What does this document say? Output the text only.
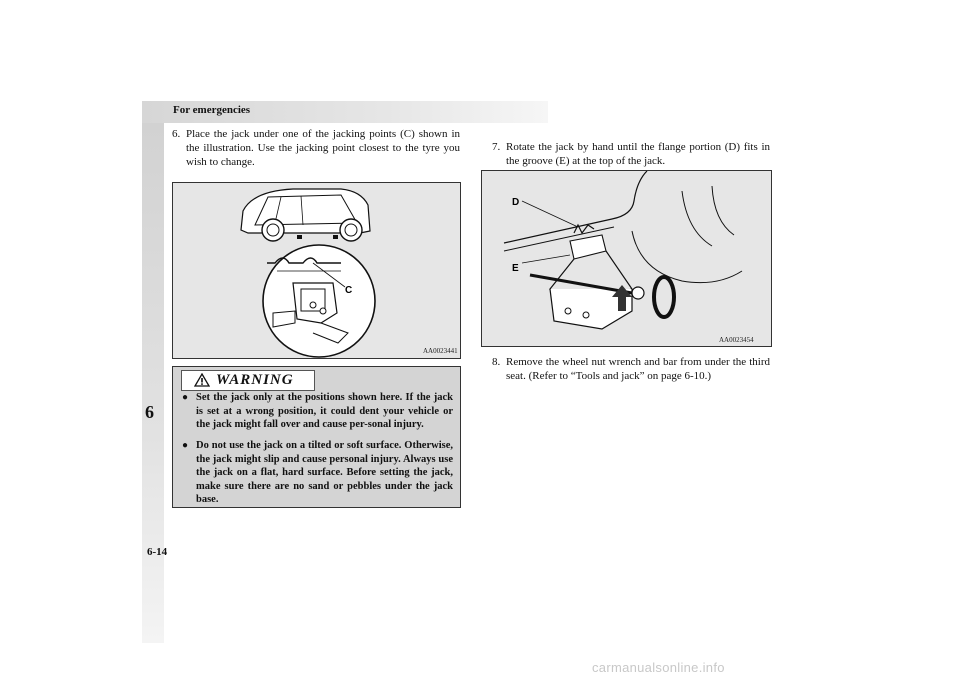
For emergencies
6
6-14
6. Place the jack under one of the jacking points (C) shown in the illustration. Use the jacking point closest to the tyre you wish to change.
C
AA0023441
WARNING
● Set the jack only at the positions shown here. If the jack is set at a wrong position, it could dent your vehicle or the jack might fall over and cause per-sonal injury.
● Do not use the jack on a tilted or soft surface. Otherwise, the jack might slip and cause personal injury. Always use the jack on a flat, hard surface. Before setting the jack, make sure there are no sand or pebbles under the jack base.
7. Rotate the jack by hand until the flange portion (D) fits in the groove (E) at the top of the jack.
D
E
AA0023454
8. Remove the wheel nut wrench and bar from under the third seat. (Refer to “Tools and jack” on page 6-10.)
carmanualsonline.info
